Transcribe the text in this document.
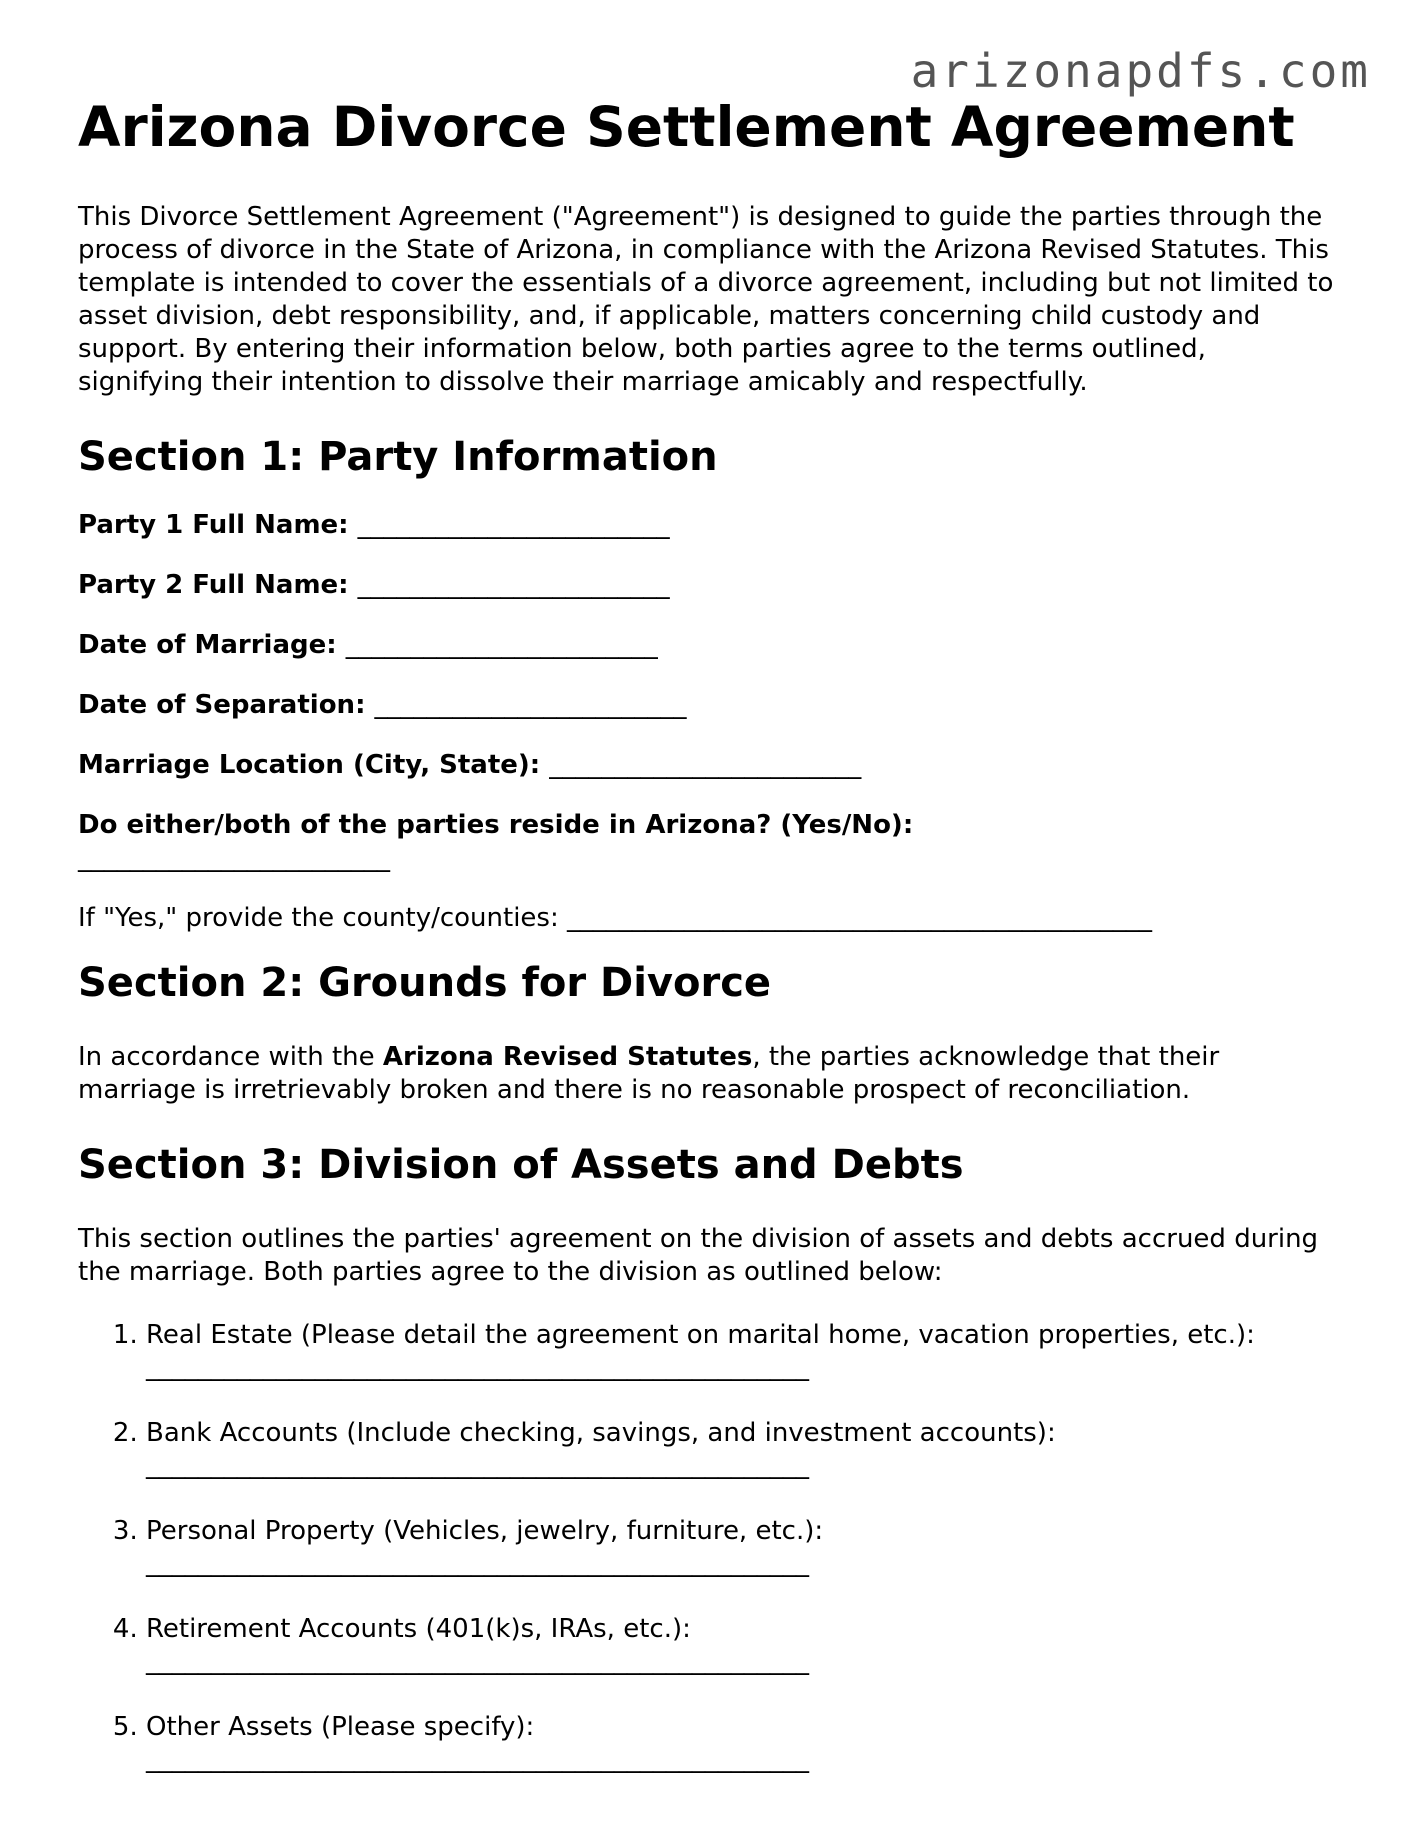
arizonapdfs.com
Arizona Divorce Settlement Agreement

This Divorce Settlement Agreement ("Agreement") is designed to guide the parties through the process of divorce in the State of Arizona, in compliance with the Arizona Revised Statutes. This template is intended to cover the essentials of a divorce agreement, including but not limited to asset division, debt responsibility, and, if applicable, matters concerning child custody and support. By entering their information below, both parties agree to the terms outlined, signifying their intention to dissolve their marriage amicably and respectfully.

Section 1: Party Information
Party 1 Full Name: ________________________
Party 2 Full Name: ________________________
Date of Marriage: ________________________
Date of Separation: ________________________
Marriage Location (City, State): ________________________
Do either/both of the parties reside in Arizona? (Yes/No):
________________________
If "Yes," provide the county/counties: _____________________________________________
Section 2: Grounds for Divorce

In accordance with the Arizona Revised Statutes, the parties acknowledge that their marriage is irretrievably broken and there is no reasonable prospect of reconciliation.

Section 3: Division of Assets and Debts

This section outlines the parties' agreement on the division of assets and debts accrued during the marriage. Both parties agree to the division as outlined below:

1. Real Estate (Please detail the agreement on marital home, vacation properties, etc.):
___________________________________________________
2. Bank Accounts (Include checking, savings, and investment accounts):
___________________________________________________
3. Personal Property (Vehicles, jewelry, furniture, etc.):
___________________________________________________
4. Retirement Accounts (401(k)s, IRAs, etc.):
___________________________________________________
5. Other Assets (Please specify):
___________________________________________________
